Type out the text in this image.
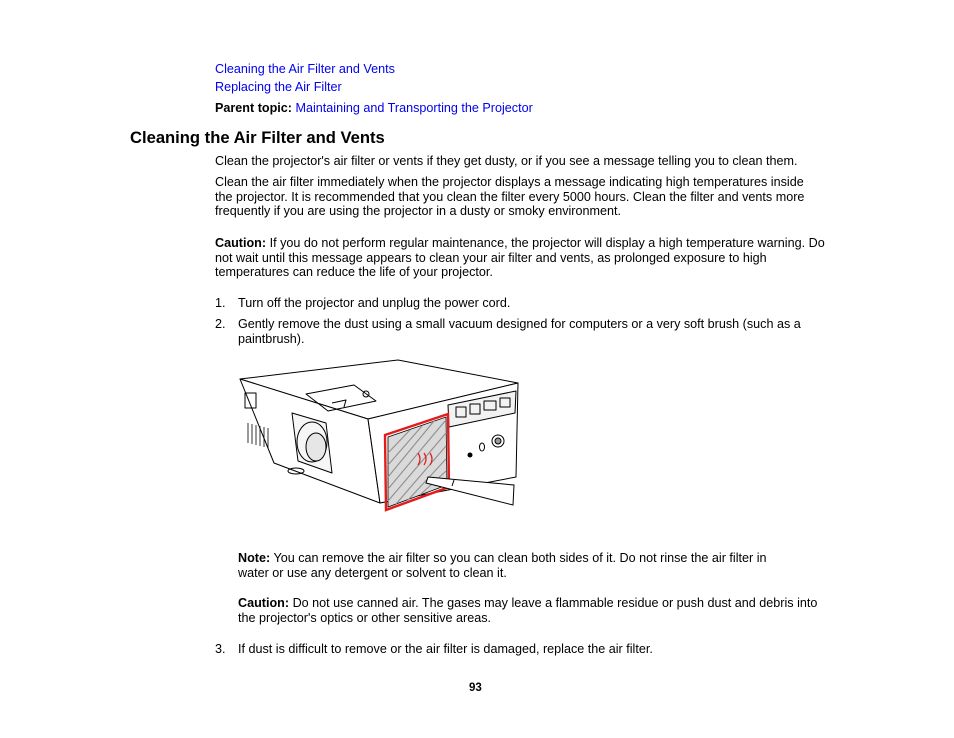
Cleaning the Air Filter and Vents
Replacing the Air Filter
Parent topic: Maintaining and Transporting the Projector
Cleaning the Air Filter and Vents

Clean the projector's air filter or vents if they get dusty, or if you see a message telling you to clean them.

Clean the air filter immediately when the projector displays a message indicating high temperatures inside the projector. It is recommended that you clean the filter every 5000 hours. Clean the filter and vents more frequently if you are using the projector in a dusty or smoky environment.

Caution: If you do not perform regular maintenance, the projector will display a high temperature warning. Do not wait until this message appears to clean your air filter and vents, as prolonged exposure to high temperatures can reduce the life of your projector.

1. Turn off the projector and unplug the power cord.
2. Gently remove the dust using a small vacuum designed for computers or a very soft brush (such as a paintbrush).

Note: You can remove the air filter so you can clean both sides of it. Do not rinse the air filter in water or use any detergent or solvent to clean it.

Caution: Do not use canned air. The gases may leave a flammable residue or push dust and debris into the projector's optics or other sensitive areas.

3. If dust is difficult to remove or the air filter is damaged, replace the air filter.
93
